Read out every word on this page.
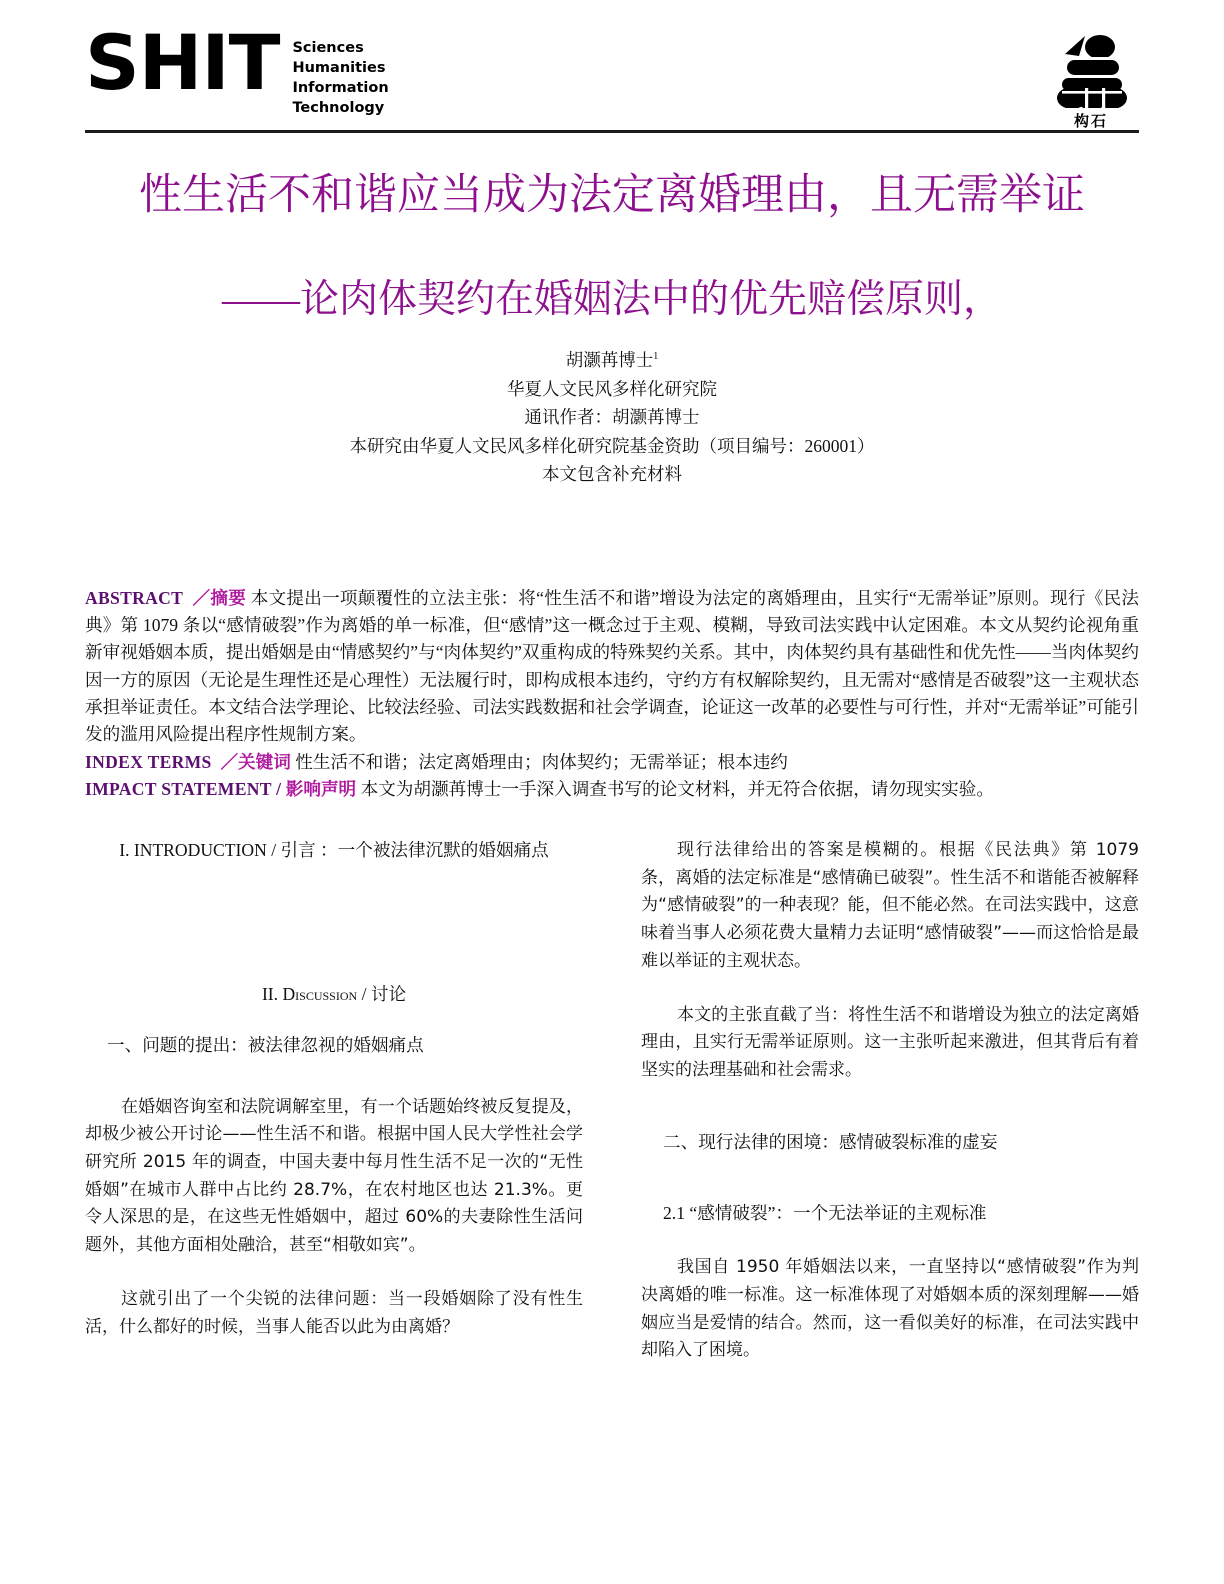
SHIT Sciences
Humanities
Information
Technology
构石
性生活不和谐应当成为法定离婚理由，且无需举证
——论肉体契约在婚姻法中的优先赔偿原则，
胡灏苒博士$^1$
华夏人文民风多样化研究院
通讯作者：胡灏苒博士
本研究由华夏人文民风多样化研究院基金资助（项目编号：260001）
本文包含补充材料

ABSTRACT ／摘要 本文提出一项颠覆性的立法主张：将“性生活不和谐”增设为法定的离婚理由，且实行“无需举证”原则。现行《民法典》第 1079 条以“感情破裂”作为离婚的单一标准，但“感情”这一概念过于主观、模糊，导致司法实践中认定困难。本文从契约论视角重新审视婚姻本质，提出婚姻是由“情感契约”与“肉体契约”双重构成的特殊契约关系。其中，肉体契约具有基础性和优先性——当肉体契约因一方的原因（无论是生理性还是心理性）无法履行时，即构成根本违约，守约方有权解除契约，且无需对“感情是否破裂”这一主观状态承担举证责任。本文结合法学理论、比较法经验、司法实践数据和社会学调查，论证这一改革的必要性与可行性，并对“无需举证”可能引发的滥用风险提出程序性规制方案。

INDEX TERMS ／关键词 性生活不和谐；法定离婚理由；肉体契约；无需举证；根本违约

IMPACT STATEMENT / 影响声明 本文为胡灏苒博士一手深入调查书写的论文材料，并无符合依据，请勿现实实验。

I. INTRODUCTION / 引言 ：一个被法律沉默的婚姻痛点
II. Discussion / 讨论
一、问题的提出：被法律忽视的婚姻痛点

在婚姻咨询室和法院调解室里，有一个话题始终被反复提及，却极少被公开讨论——性生活不和谐。根据中国人民大学性社会学研究所 2015 年的调查，中国夫妻中每月性生活不足一次的“无性婚姻”在城市人群中占比约 28.7%，在农村地区也达 21.3%。更令人深思的是，在这些无性婚姻中，超过 60%的夫妻除性生活问题外，其他方面相处融洽，甚至“相敬如宾”。

这就引出了一个尖锐的法律问题：当一段婚姻除了没有性生活，什么都好的时候，当事人能否以此为由离婚？

现行法律给出的答案是模糊的。根据《民法典》第 1079 条，离婚的法定标准是“感情确已破裂”。性生活不和谐能否被解释为“感情破裂”的一种表现？能，但不能必然。在司法实践中，这意味着当事人必须花费大量精力去证明“感情破裂”——而这恰恰是最难以举证的主观状态。

本文的主张直截了当：将性生活不和谐增设为独立的法定离婚理由，且实行无需举证原则。这一主张听起来激进，但其背后有着坚实的法理基础和社会需求。

二、现行法律的困境：感情破裂标准的虚妄
2.1 “感情破裂”：一个无法举证的主观标准

我国自 1950 年婚姻法以来，一直坚持以“感情破裂”作为判决离婚的唯一标准。这一标准体现了对婚姻本质的深刻理解——婚姻应当是爱情的结合。然而，这一看似美好的标准，在司法实践中却陷入了困境。
